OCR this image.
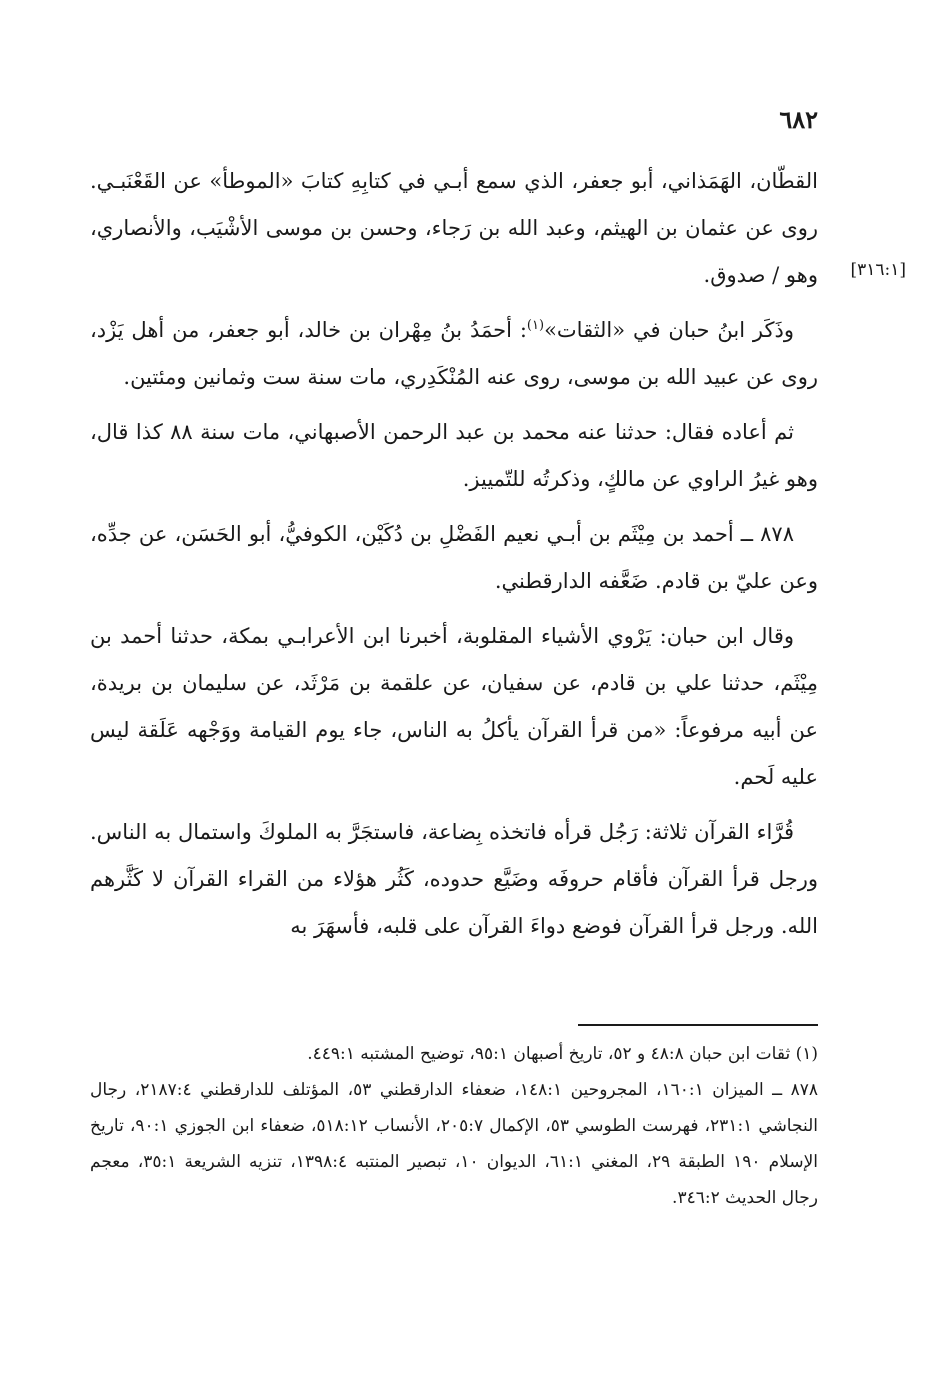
٦٨٢
[٣١٦:١]

القطّان، الهَمَذاني، أبو جعفر، الذي سمع أبـي في كتابِهِ كتابَ «الموطأ» عن القَعْنَبـي. روى عن عثمان بن الهيثم، وعبد الله بن رَجاء، وحسن بن موسى الأشْيَب، والأنصاري، وهو / صدوق.

وذَكَر ابنُ حبان في «الثقات»$^{(١)}$: أحمَدُ بنُ مِهْران بن خالد، أبو جعفر، من أهل يَزْد، روى عن عبيد الله بن موسى، روى عنه المُنْكَدِري، مات سنة ست وثمانين ومئتين.

ثم أعاده فقال: حدثنا عنه محمد بن عبد الرحمن الأصبهاني، مات سنة ٨٨ كذا قال، وهو غيرُ الراوي عن مالكٍ، وذكرتُه للتّمييز.

٨٧٨ ــ أحمد بن مِيْثَم بن أبـي نعيم الفَضْلِ بن دُكَيْن، الكوفيُّ، أبو الحَسَن، عن جدِّه، وعن عليّ بن قادم. ضَعَّفه الدارقطني.

وقال ابن حبان: يَرْوي الأشياء المقلوبة، أخبرنا ابن الأعرابـي بمكة، حدثنا أحمد بن مِيْثَم، حدثنا علي بن قادم، عن سفيان، عن علقمة بن مَرْثَد، عن سليمان بن بريدة، عن أبيه مرفوعاً: «من قرأ القرآن يأكلُ به الناس، جاء يوم القيامة ووَجْهه عَلَقة ليس عليه لَحم.

قُرَّاء القرآن ثلاثة: رَجُل قرأه فاتخذه بِضاعة، فاستجَرَّ به الملوكَ واستمال به الناس. ورجل قرأ القرآن فأقام حروفَه وضَيَّع حدوده، كَثُر هؤلاء من القراء القرآن لا كَثَّرهم الله. ورجل قرأ القرآن فوضع دواءَ القرآن على قلبه، فأسهَرَ به

(١) ثقات ابن حبان ٤٨:٨ و ٥٢، تاريخ أصبهان ٩٥:١، توضيح المشتبه ٤٤٩:١.

٨٧٨ ــ الميزان ١٦٠:١، المجروحين ١٤٨:١، ضعفاء الدارقطني ٥٣، المؤتلف للدارقطني ٢١٨٧:٤، رجال النجاشي ٢٣١:١، فهرست الطوسي ٥٣، الإكمال ٢٠٥:٧، الأنساب ٥١٨:١٢، ضعفاء ابن الجوزي ٩٠:١، تاريخ الإسلام ١٩٠ الطبقة ٢٩، المغني ٦١:١، الديوان ١٠، تبصير المنتبه ١٣٩٨:٤، تنزيه الشريعة ٣٥:١، معجم رجال الحديث ٣٤٦:٢.
